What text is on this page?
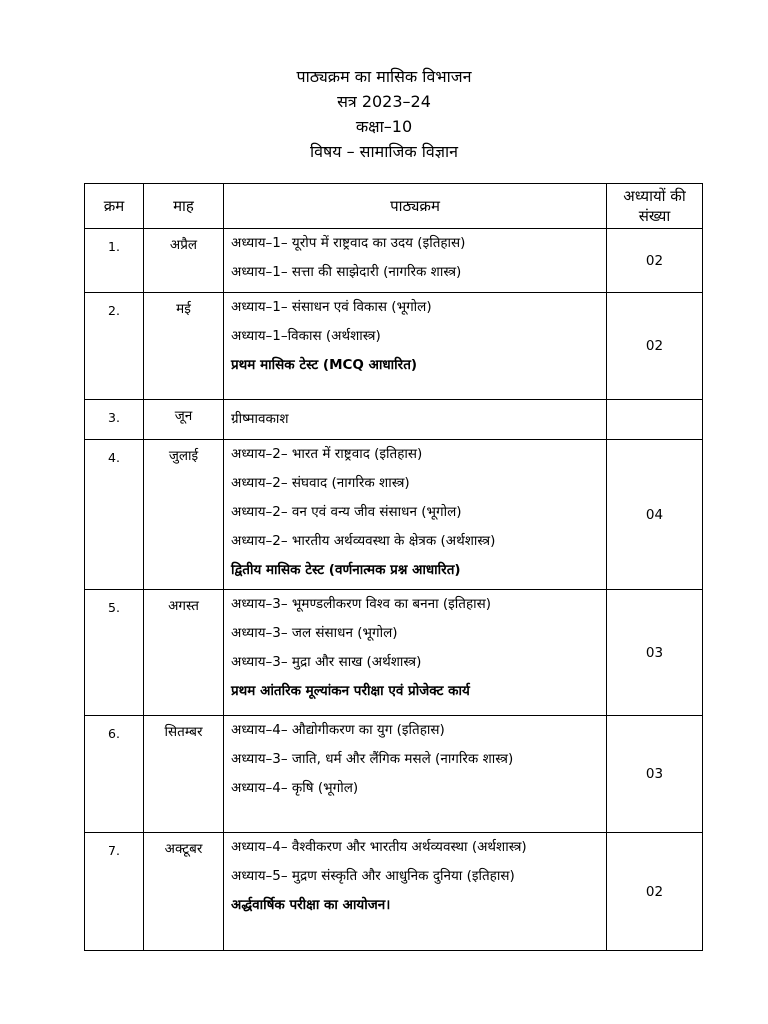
पाठ्यक्रम का मासिक विभाजन
सत्र 2023–24
कक्षा–10
विषय – सामाजिक विज्ञान
क्रम	माह	पाठ्यक्रम	अध्यायों की संख्या
1.	अप्रैल	अध्याय–1– यूरोप में राष्ट्रवाद का उदय (इतिहास)
अध्याय–1– सत्ता की साझेदारी (नागरिक शास्त्र)	02
2.	मई	अध्याय–1– संसाधन एवं विकास (भूगोल)
अध्याय–1–विकास (अर्थशास्त्र)
प्रथम मासिक टेस्ट (MCQ आधारित)	02
3.	जून	ग्रीष्मावकाश	

4.	जुलाई	अध्याय–2– भारत में राष्ट्रवाद (इतिहास)
अध्याय–2– संघवाद (नागरिक शास्त्र)
अध्याय–2– वन एवं वन्य जीव संसाधन (भूगोल)
अध्याय–2– भारतीय अर्थव्यवस्था के क्षेत्रक (अर्थशास्त्र)
द्वितीय मासिक टेस्ट (वर्णनात्मक प्रश्न आधारित)	04
5.	अगस्त	अध्याय–3– भूमण्डलीकरण विश्व का बनना (इतिहास)
अध्याय–3– जल संसाधन (भूगोल)
अध्याय–3– मुद्रा और साख (अर्थशास्त्र)
प्रथम आंतरिक मूल्यांकन परीक्षा एवं प्रोजेक्ट कार्य	03
6.	सितम्बर	अध्याय–4– औद्योगीकरण का युग (इतिहास)
अध्याय–3– जाति, धर्म और लैंगिक मसले (नागरिक शास्त्र)
अध्याय–4– कृषि (भूगोल)	03
7.	अक्टूबर	अध्याय–4– वैश्वीकरण और भारतीय अर्थव्यवस्था (अर्थशास्त्र)
अध्याय–5– मुद्रण संस्कृति और आधुनिक दुनिया (इतिहास)
अर्द्धवार्षिक परीक्षा का आयोजन।	02
